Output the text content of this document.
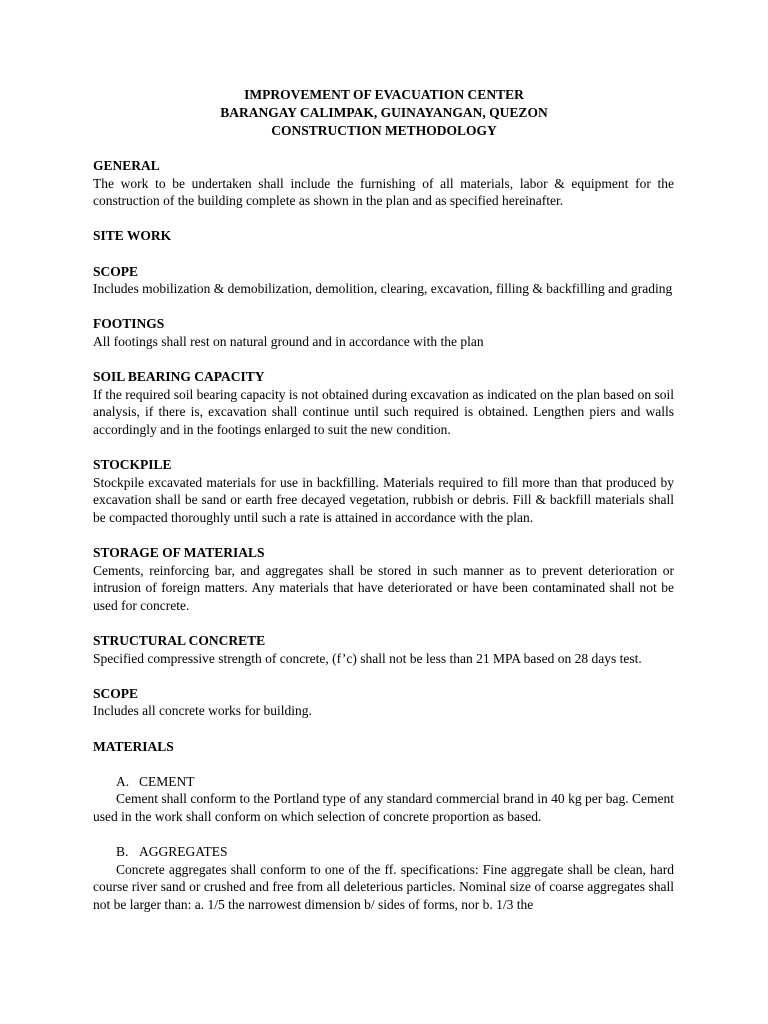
IMPROVEMENT OF EVACUATION CENTER
BARANGAY CALIMPAK, GUINAYANGAN, QUEZON
CONSTRUCTION METHODOLOGY
GENERAL
The work to be undertaken shall include the furnishing of all materials, labor & equipment for the construction of the building complete as shown in the plan and as specified hereinafter.
SITE WORK
SCOPE
Includes mobilization & demobilization, demolition, clearing, excavation, filling & backfilling and grading
FOOTINGS
All footings shall rest on natural ground and in accordance with the plan
SOIL BEARING CAPACITY
If the required soil bearing capacity is not obtained during excavation as indicated on the plan based on soil analysis, if there is, excavation shall continue until such required is obtained. Lengthen piers and walls accordingly and in the footings enlarged to suit the new condition.
STOCKPILE
Stockpile excavated materials for use in backfilling. Materials required to fill more than that produced by excavation shall be sand or earth free decayed vegetation, rubbish or debris. Fill & backfill materials shall be compacted thoroughly until such a rate is attained in accordance with the plan.
STORAGE OF MATERIALS
Cements, reinforcing bar, and aggregates shall be stored in such manner as to prevent deterioration or intrusion of foreign matters. Any materials that have deteriorated or have been contaminated shall not be used for concrete.
STRUCTURAL CONCRETE
Specified compressive strength of concrete, (f’c) shall not be less than 21 MPA based on 28 days test.
SCOPE
Includes all concrete works for building.
MATERIALS
A. CEMENT
Cement shall conform to the Portland type of any standard commercial brand in 40 kg per bag. Cement used in the work shall conform on which selection of concrete proportion as based.
B. AGGREGATES
Concrete aggregates shall conform to one of the ff. specifications: Fine aggregate shall be clean, hard course river sand or crushed and free from all deleterious particles. Nominal size of coarse aggregates shall not be larger than: a. 1/5 the narrowest dimension b/ sides of forms, nor b. 1/3 the
